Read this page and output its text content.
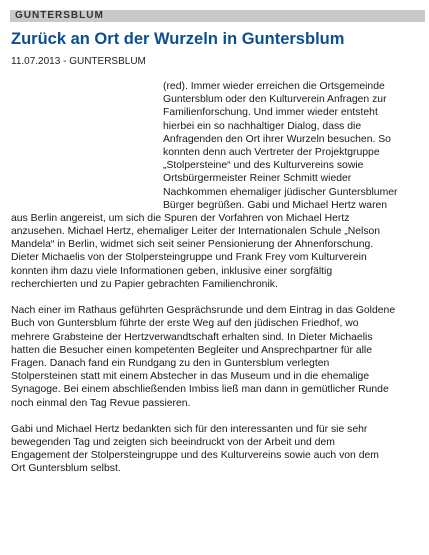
GUNTERSBLUM
Zurück an Ort der Wurzeln in Guntersblum
11.07.2013 - GUNTERSBLUM
(red). Immer wieder erreichen die Ortsgemeinde
Guntersblum oder den Kulturverein Anfragen zur
Familienforschung. Und immer wieder entsteht
hierbei ein so nachhaltiger Dialog, dass die
Anfragenden den Ort ihrer Wurzeln besuchen. So
konnten denn auch Vertreter der Projektgruppe
„Stolpersteine“ und des Kulturvereins sowie
Ortsbürgermeister Reiner Schmitt wieder
Nachkommen ehemaliger jüdischer Guntersblumer
Bürger begrüßen. Gabi und Michael Hertz waren
aus Berlin angereist, um sich die Spuren der Vorfahren von Michael Hertz
anzusehen. Michael Hertz, ehemaliger Leiter der Internationalen Schule „Nelson
Mandela“ in Berlin, widmet sich seit seiner Pensionierung der Ahnenforschung.
Dieter Michaelis von der Stolpersteingruppe und Frank Frey vom Kulturverein
konnten ihm dazu viele Informationen geben, inklusive einer sorgfältig
recherchierten und zu Papier gebrachten Familienchronik.
Nach einer im Rathaus geführten Gesprächsrunde und dem Eintrag in das Goldene
Buch von Guntersblum führte der erste Weg auf den jüdischen Friedhof, wo
mehrere Grabsteine der Hertzverwandtschaft erhalten sind. In Dieter Michaelis
hatten die Besucher einen kompetenten Begleiter und Ansprechpartner für alle
Fragen. Danach fand ein Rundgang zu den in Guntersblum verlegten
Stolpersteinen statt mit einem Abstecher in das Museum und in die ehemalige
Synagoge. Bei einem abschließenden Imbiss ließ man dann in gemütlicher Runde
noch einmal den Tag Revue passieren.
Gabi und Michael Hertz bedankten sich für den interessanten und für sie sehr
bewegenden Tag und zeigten sich beeindruckt von der Arbeit und dem
Engagement der Stolpersteingruppe und des Kulturvereins sowie auch von dem
Ort Guntersblum selbst.
